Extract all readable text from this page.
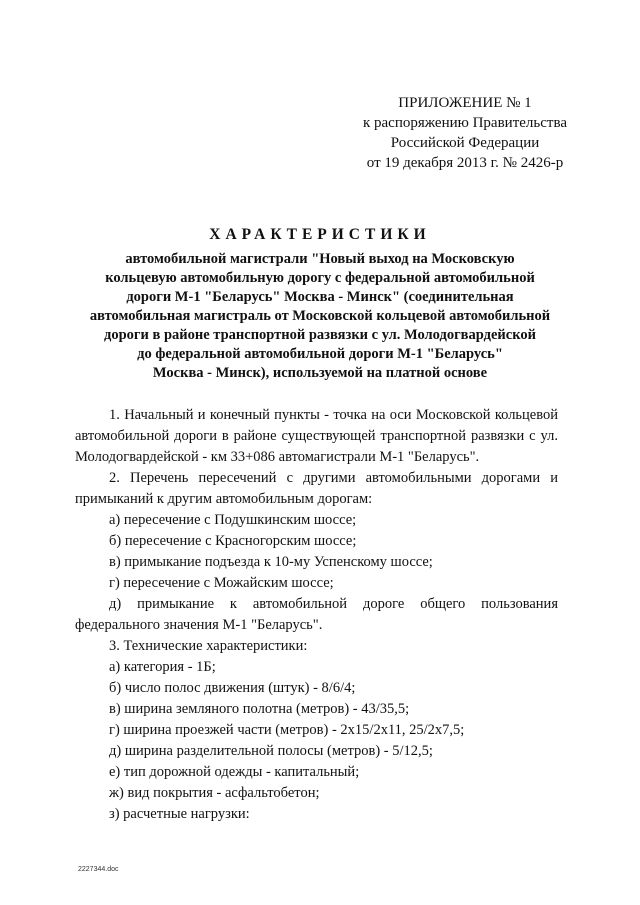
ПРИЛОЖЕНИЕ № 1
к распоряжению Правительства
Российской Федерации
от 19 декабря 2013 г. № 2426-р
ХАРАКТЕРИСТИКИ
автомобильной магистрали "Новый выход на Московскую
кольцевую автомобильную дорогу с федеральной автомобильной
дороги М-1 "Беларусь" Москва - Минск" (соединительная
автомобильная магистраль от Московской кольцевой автомобильной
дороги в районе транспортной развязки с ул. Молодогвардейской
до федеральной автомобильной дороги М-1 "Беларусь"
Москва - Минск), используемой на платной основе
1. Начальный и конечный пункты - точка на оси Московской кольцевой автомобильной дороги в районе существующей транспортной развязки с ул. Молодогвардейской - км 33+086 автомагистрали М-1 "Беларусь".
2. Перечень пересечений с другими автомобильными дорогами и примыканий к другим автомобильным дорогам:
а) пересечение с Подушкинским шоссе;
б) пересечение с Красногорским шоссе;
в) примыкание подъезда к 10-му Успенскому шоссе;
г) пересечение с Можайским шоссе;
д) примыкание к автомобильной дороге общего пользования федерального значения М-1 "Беларусь".
3. Технические характеристики:
а) категория - 1Б;
б) число полос движения (штук) - 8/6/4;
в) ширина земляного полотна (метров) - 43/35,5;
г) ширина проезжей части (метров) - 2х15/2х11, 25/2х7,5;
д) ширина разделительной полосы (метров) - 5/12,5;
е) тип дорожной одежды - капитальный;
ж) вид покрытия - асфальтобетон;
з) расчетные нагрузки:
2227344.doc
